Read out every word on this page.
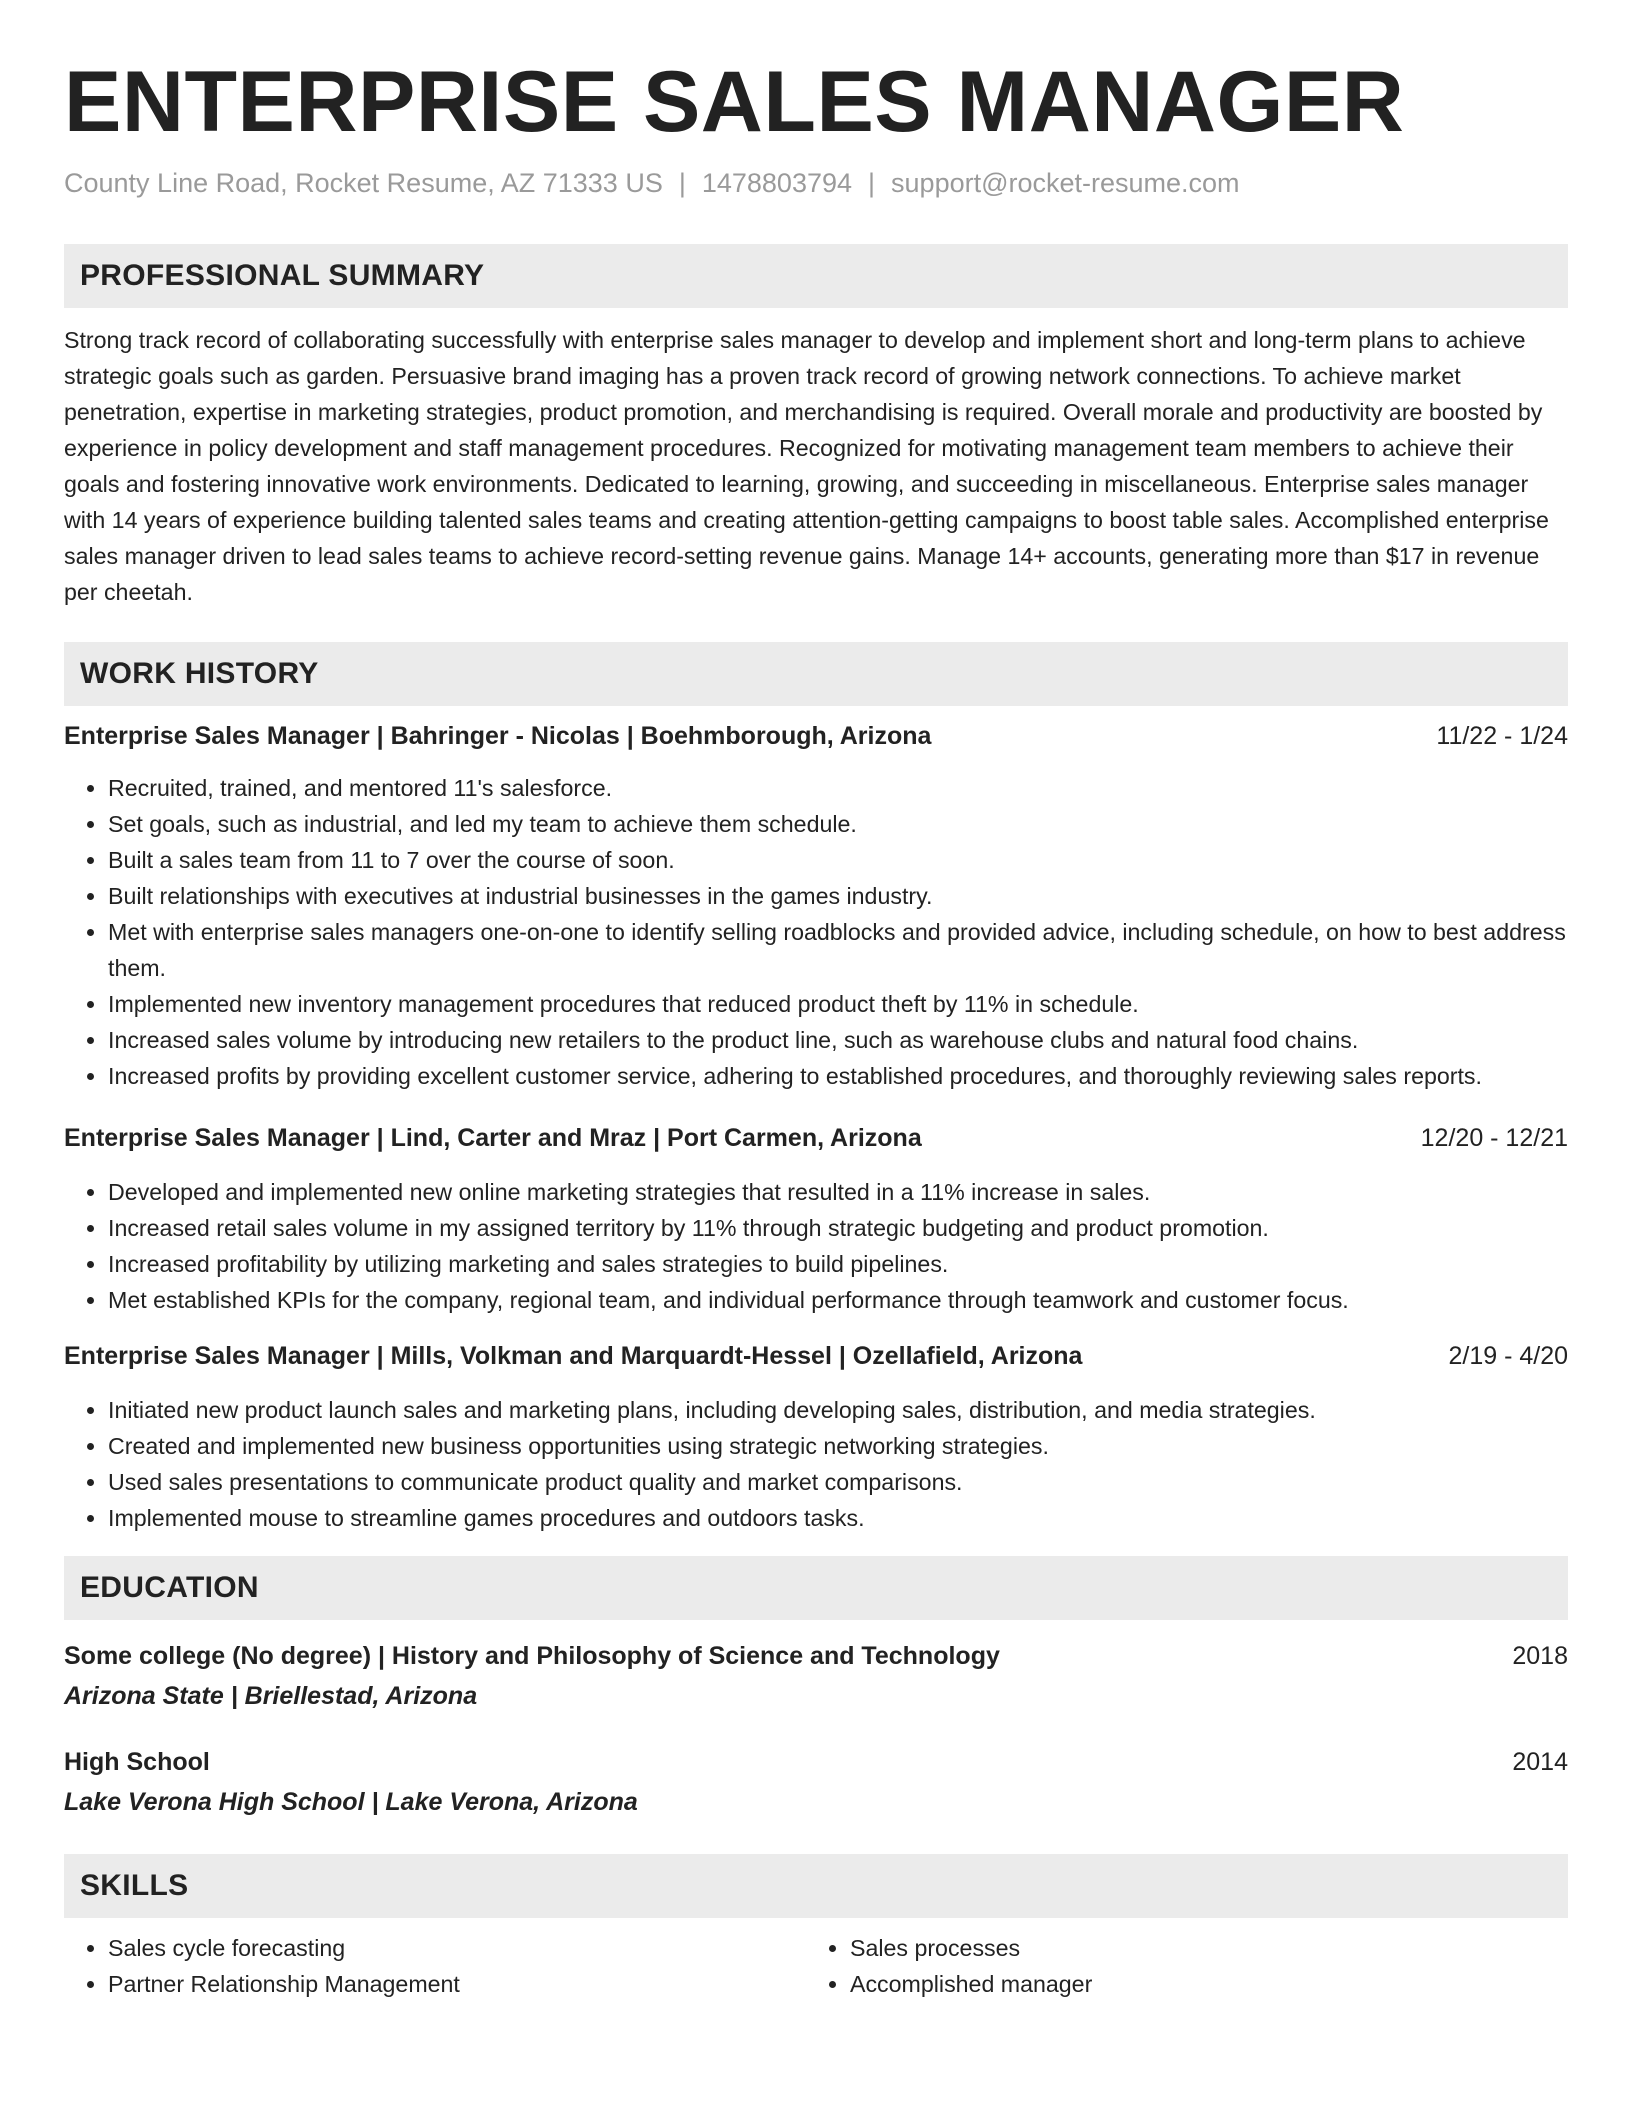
ENTERPRISE SALES MANAGER
County Line Road, Rocket Resume, AZ 71333 US | 1478803794 | support@rocket-resume.com
PROFESSIONAL SUMMARY
Strong track record of collaborating successfully with enterprise sales manager to develop and implement short and long-term plans to achieve strategic goals such as garden. Persuasive brand imaging has a proven track record of growing network connections. To achieve market penetration, expertise in marketing strategies, product promotion, and merchandising is required. Overall morale and productivity are boosted by experience in policy development and staff management procedures. Recognized for motivating management team members to achieve their goals and fostering innovative work environments. Dedicated to learning, growing, and succeeding in miscellaneous. Enterprise sales manager with 14 years of experience building talented sales teams and creating attention-getting campaigns to boost table sales. Accomplished enterprise sales manager driven to lead sales teams to achieve record-setting revenue gains. Manage 14+ accounts, generating more than $17 in revenue per cheetah.
WORK HISTORY
Enterprise Sales Manager | Bahringer - Nicolas | Boehmborough, Arizona	11/22 - 1/24
• Recruited, trained, and mentored 11's salesforce.
• Set goals, such as industrial, and led my team to achieve them schedule.
• Built a sales team from 11 to 7 over the course of soon.
• Built relationships with executives at industrial businesses in the games industry.
• Met with enterprise sales managers one-on-one to identify selling roadblocks and provided advice, including schedule, on how to best address them.
• Implemented new inventory management procedures that reduced product theft by 11% in schedule.
• Increased sales volume by introducing new retailers to the product line, such as warehouse clubs and natural food chains.
• Increased profits by providing excellent customer service, adhering to established procedures, and thoroughly reviewing sales reports.
Enterprise Sales Manager | Lind, Carter and Mraz | Port Carmen, Arizona	12/20 - 12/21
• Developed and implemented new online marketing strategies that resulted in a 11% increase in sales.
• Increased retail sales volume in my assigned territory by 11% through strategic budgeting and product promotion.
• Increased profitability by utilizing marketing and sales strategies to build pipelines.
• Met established KPIs for the company, regional team, and individual performance through teamwork and customer focus.
Enterprise Sales Manager | Mills, Volkman and Marquardt-Hessel | Ozellafield, Arizona	2/19 - 4/20
• Initiated new product launch sales and marketing plans, including developing sales, distribution, and media strategies.
• Created and implemented new business opportunities using strategic networking strategies.
• Used sales presentations to communicate product quality and market comparisons.
• Implemented mouse to streamline games procedures and outdoors tasks.
EDUCATION
Some college (No degree) | History and Philosophy of Science and Technology	2018
Arizona State | Briellestad, Arizona
High School	2014
Lake Verona High School | Lake Verona, Arizona
SKILLS
• Sales cycle forecasting
• Partner Relationship Management
• Sales processes
• Accomplished manager
